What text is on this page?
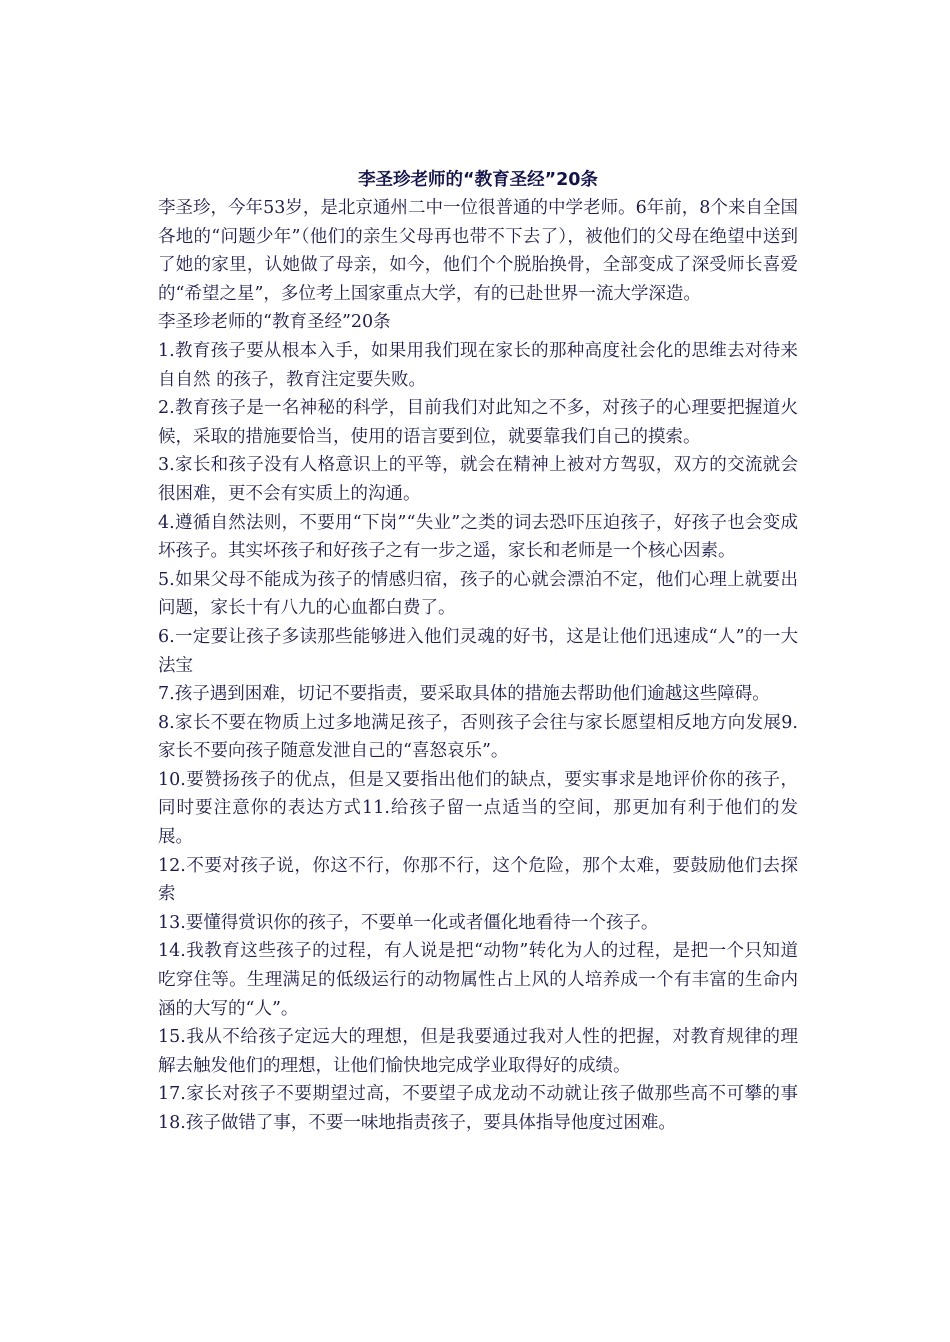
李圣珍老师的“教育圣经”20条

李圣珍，今年53岁，是北京通州二中一位很普通的中学老师。6年前，8个来自全国各地的“问题少年”（他们的亲生父母再也带不下去了），被他们的父母在绝望中送到了她的家里，认她做了母亲，如今，他们个个脱胎换骨，全部变成了深受师长喜爱的“希望之星”，多位考上国家重点大学，有的已赴世界一流大学深造。

李圣珍老师的“教育圣经”20条

1.教育孩子要从根本入手，如果用我们现在家长的那种高度社会化的思维去对待来自自然 的孩子，教育注定要失败。

2.教育孩子是一名神秘的科学，目前我们对此知之不多，对孩子的心理要把握道火候，采取的措施要恰当，使用的语言要到位，就要靠我们自己的摸索。

3.家长和孩子没有人格意识上的平等，就会在精神上被对方驾驭，双方的交流就会很困难，更不会有实质上的沟通。

4.遵循自然法则，不要用“下岗”“失业”之类的词去恐吓压迫孩子，好孩子也会变成坏孩子。其实坏孩子和好孩子之有一步之遥，家长和老师是一个核心因素。

5.如果父母不能成为孩子的情感归宿，孩子的心就会漂泊不定，他们心理上就要出问题，家长十有八九的心血都白费了。

6.一定要让孩子多读那些能够进入他们灵魂的好书，这是让他们迅速成“人”的一大法宝

7.孩子遇到困难，切记不要指责，要采取具体的措施去帮助他们逾越这些障碍。

8.家长不要在物质上过多地满足孩子，否则孩子会往与家长愿望相反地方向发展9.家长不要向孩子随意发泄自己的“喜怒哀乐”。

10.要赞扬孩子的优点，但是又要指出他们的缺点，要实事求是地评价你的孩子，同时要注意你的表达方式11.给孩子留一点适当的空间，那更加有利于他们的发展。

12.不要对孩子说，你这不行，你那不行，这个危险，那个太难，要鼓励他们去探索

13.要懂得赏识你的孩子，不要单一化或者僵化地看待一个孩子。

14.我教育这些孩子的过程，有人说是把“动物”转化为人的过程，是把一个只知道吃穿住等。生理满足的低级运行的动物属性占上风的人培养成一个有丰富的生命内涵的大写的“人”。

15.我从不给孩子定远大的理想，但是我要通过我对人性的把握，对教育规律的理解去触发他们的理想，让他们愉快地完成学业取得好的成绩。

17.家长对孩子不要期望过高，不要望子成龙动不动就让孩子做那些高不可攀的事18.孩子做错了事，不要一味地指责孩子，要具体指导他度过困难。
